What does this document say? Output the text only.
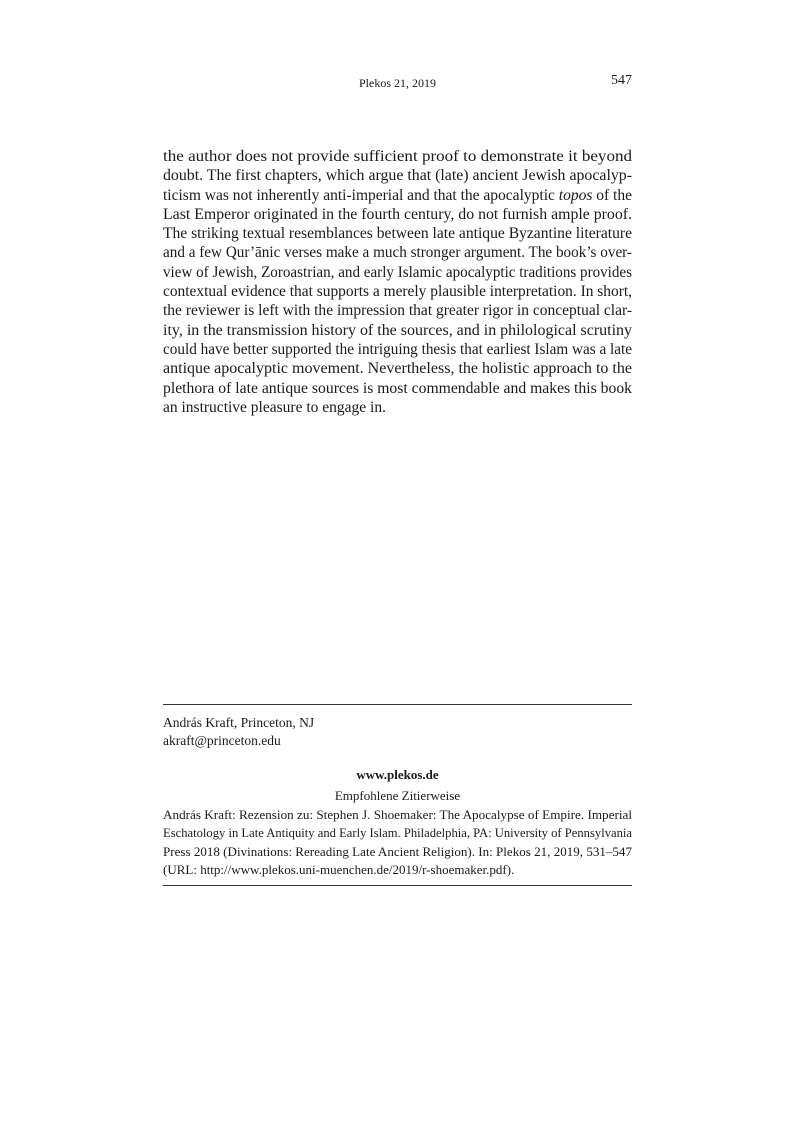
Plekos 21, 2019	547
the author does not provide sufficient proof to demonstrate it beyond
doubt. The first chapters, which argue that (late) ancient Jewish apocalyp-
ticism was not inherently anti-imperial and that the apocalyptic topos of the
Last Emperor originated in the fourth century, do not furnish ample proof.
The striking textual resemblances between late antique Byzantine literature
and a few Qur’ānic verses make a much stronger argument. The book’s over-
view of Jewish, Zoroastrian, and early Islamic apocalyptic traditions provides
contextual evidence that supports a merely plausible interpretation. In short,
the reviewer is left with the impression that greater rigor in conceptual clar-
ity, in the transmission history of the sources, and in philological scrutiny
could have better supported the intriguing thesis that earliest Islam was a late
antique apocalyptic movement. Nevertheless, the holistic approach to the
plethora of late antique sources is most commendable and makes this book
an instructive pleasure to engage in.
András Kraft, Princeton, NJ
akraft@princeton.edu
www.plekos.de
Empfohlene Zitierweise
András Kraft: Rezension zu: Stephen J. Shoemaker: The Apocalypse of Empire. Imperial
Eschatology in Late Antiquity and Early Islam. Philadelphia, PA: University of Pennsylvania
Press 2018 (Divinations: Rereading Late Ancient Religion). In: Plekos 21, 2019, 531–547
(URL: http://www.plekos.uni-muenchen.de/2019/r-shoemaker.pdf).
